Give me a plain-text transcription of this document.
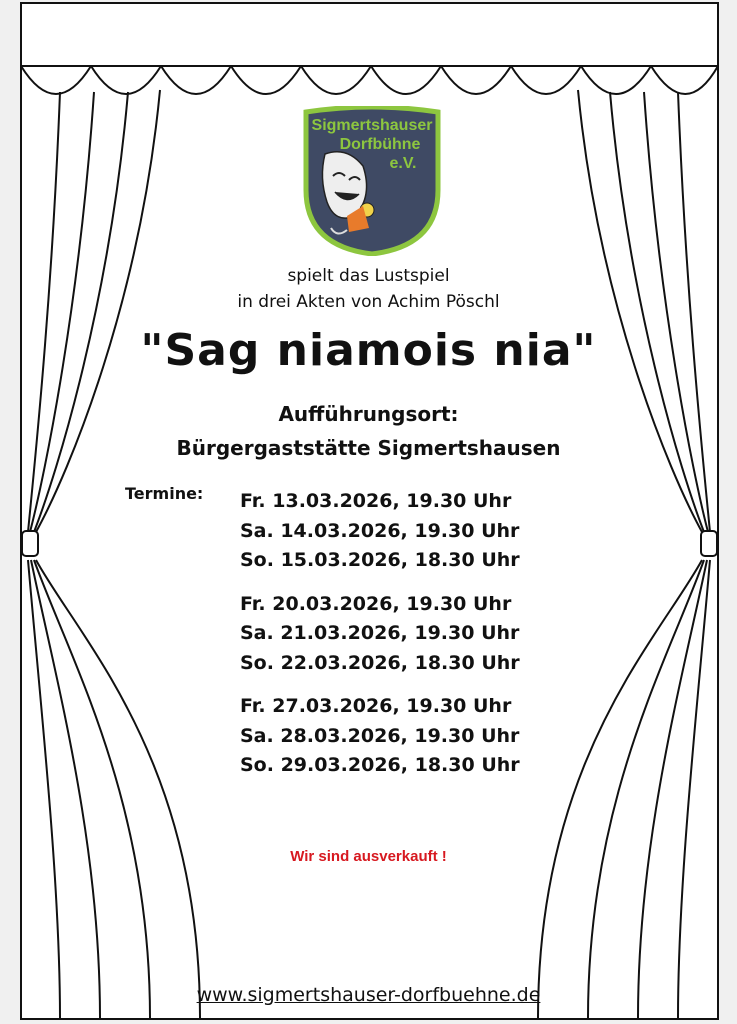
Sigmertshauser
Dorfbühne
e.V.
spielt das Lustspiel
in drei Akten von Achim Pöschl
"Sag niamois nia"
Aufführungsort:
Bürgergaststätte Sigmertshausen
Termine: Fr. 13.03.2026, 19.30 Uhr
Sa. 14.03.2026, 19.30 Uhr
So. 15.03.2026, 18.30 Uhr
Fr. 20.03.2026, 19.30 Uhr
Sa. 21.03.2026, 19.30 Uhr
So. 22.03.2026, 18.30 Uhr
Fr. 27.03.2026, 19.30 Uhr
Sa. 28.03.2026, 19.30 Uhr
So. 29.03.2026, 18.30 Uhr
Wir sind ausverkauft !
www.sigmertshauser-dorfbuehne.de
